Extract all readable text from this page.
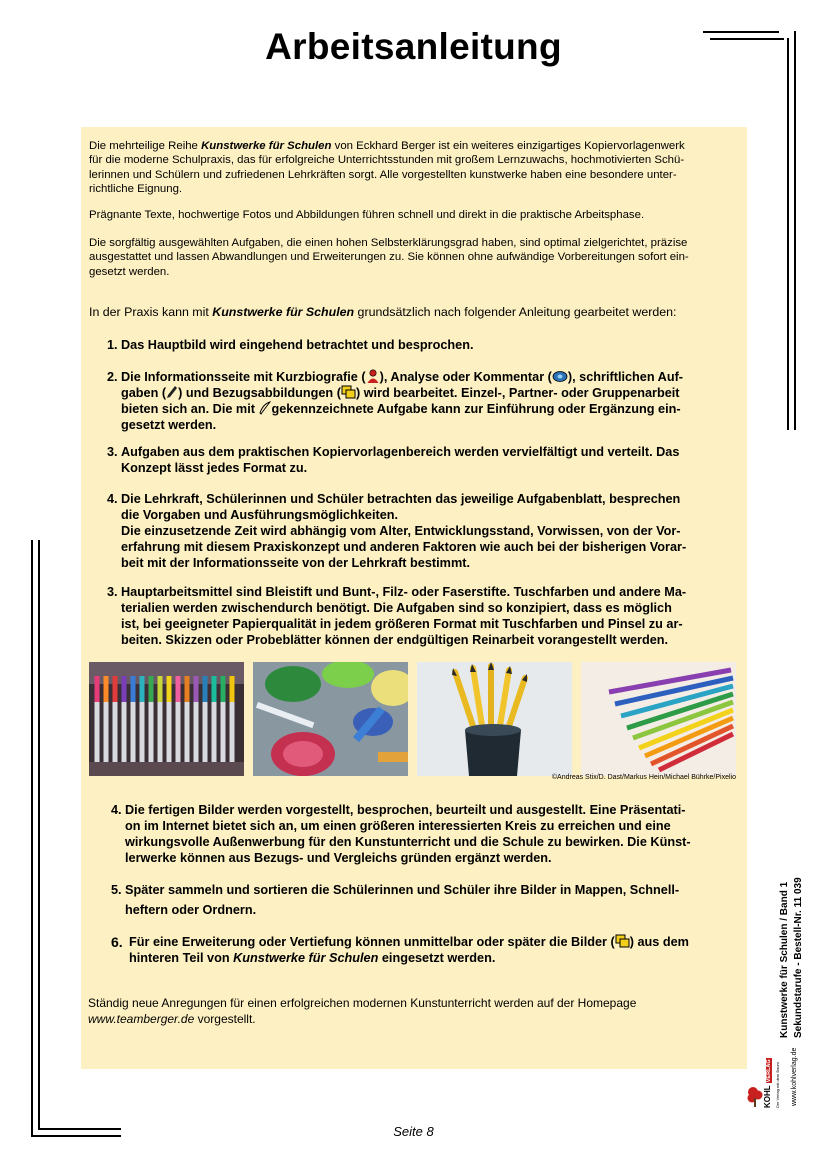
Arbeitsanleitung
Die mehrteilige Reihe Kunstwerke für Schulen von Eckhard Berger ist ein weiteres einzigartiges Kopiervorlagenwerk
für die moderne Schulpraxis, das für erfolgreiche Unterrichtsstunden mit großem Lernzuwachs, hochmotivierten Schü-
lerinnen und Schülern und zufriedenen Lehrkräften sorgt. Alle vorgestellten kunstwerke haben eine besondere unter-
richtliche Eignung.
Prägnante Texte, hochwertige Fotos und Abbildungen führen schnell und direkt in die praktische Arbeitsphase.
Die sorgfältig ausgewählten Aufgaben, die einen hohen Selbsterklärungsgrad haben, sind optimal zielgerichtet, präzise
ausgestattet und lassen Abwandlungen und Erweiterungen zu. Sie können ohne aufwändige Vorbereitungen sofort ein-
gesetzt werden.
In der Praxis kann mit Kunstwerke für Schulen grundsätzlich nach folgender Anleitung gearbeitet werden:
1. Das Hauptbild wird eingehend betrachtet und besprochen.
2. Die Informationsseite mit Kurzbiografie ( ), Analyse oder Kommentar ( ), schriftlichen Auf-
gaben ( ) und Bezugsabbildungen ( ) wird bearbeitet. Einzel-, Partner- oder Gruppenarbeit
bieten sich an. Die mit gekennzeichnete Aufgabe kann zur Einführung oder Ergänzung ein-
gesetzt werden.
3. Aufgaben aus dem praktischen Kopiervorlagenbereich werden vervielfältigt und verteilt. Das
Konzept lässt jedes Format zu.
4. Die Lehrkraft, Schülerinnen und Schüler betrachten das jeweilige Aufgabenblatt, besprechen
die Vorgaben und Ausführungsmöglichkeiten.
Die einzusetzende Zeit wird abhängig vom Alter, Entwicklungsstand, Vorwissen, von der Vor-
erfahrung mit diesem Praxiskonzept und anderen Faktoren wie auch bei der bisherigen Vorar-
beit mit der Informationsseite von der Lehrkraft bestimmt.
3. Hauptarbeitsmittel sind Bleistift und Bunt-, Filz- oder Faserstifte. Tuschfarben und andere Ma-
terialien werden zwischendurch benötigt. Die Aufgaben sind so konzipiert, dass es möglich
ist, bei geeigneter Papierqualität in jedem größeren Format mit Tuschfarben und Pinsel zu ar-
beiten. Skizzen oder Probeblätter können der endgültigen Reinarbeit vorangestellt werden.
©Andreas Stix/D. Dast/Markus Hein/Michael Bührke/Pixelio
4. Die fertigen Bilder werden vorgestellt, besprochen, beurteilt und ausgestellt. Eine Präsentati-
on im Internet bietet sich an, um einen größeren interessierten Kreis zu erreichen und eine
wirkungsvolle Außenwerbung für den Kunstunterricht und die Schule zu bewirken. Die Künst-
lerwerke können aus Bezugs- und Vergleichs gründen ergänzt werden.
5. Später sammeln und sortieren die Schülerinnen und Schüler ihre Bilder in Mappen, Schnell-
heftern oder Ordnern.
6. Für eine Erweiterung oder Vertiefung können unmittelbar oder später die Bilder ( ) aus dem
hinteren Teil von Kunstwerke für Schulen eingesetzt werden.
Ständig neue Anregungen für einen erfolgreichen modernen Kunstunterricht werden auf der Homepage
www.teamberger.de vorgestellt.	Kunstwerke für Schulen / Band 1 Sekundstarufe - Bestell-Nr. 11 039
www.kohlverlag.de
KOHL VERLAG Der Verlag mit dem Baum
Seite 8
